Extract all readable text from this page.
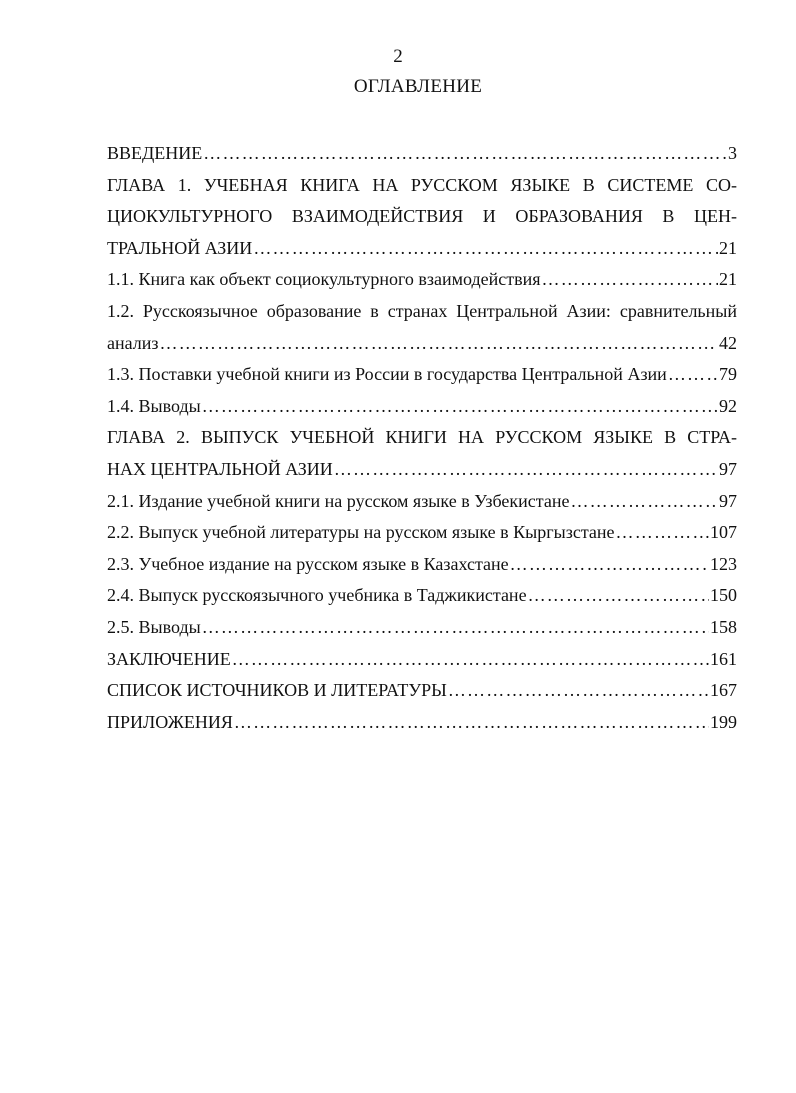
2
ОГЛАВЛЕНИЕ
ВВЕДЕНИЕ …………………………………………………………………………………………………………………………………………………………	3
ГЛАВА 1. УЧЕБНАЯ КНИГА НА РУССКОМ ЯЗЫКЕ В СИСТЕМЕ СО-
ЦИОКУЛЬТУРНОГО ВЗАИМОДЕЙСТВИЯ И ОБРАЗОВАНИЯ В ЦЕН-
ТРАЛЬНОЙ АЗИИ …………………………………………………………………………………………………………………………………………………………	21
1.1. Книга как объект социокультурного взаимодействия …………………………………………………………………………………………………………………………………………………………	21
1.2. Русскоязычное образование в странах Центральной Азии: сравнительный
анализ …………………………………………………………………………………………………………………………………………………………	42
1.3. Поставки учебной книги из России в государства Центральной Азии …………………………………………………………………………………………………………………………………………………………	79
1.4. Выводы …………………………………………………………………………………………………………………………………………………………	92
ГЛАВА 2. ВЫПУСК УЧЕБНОЙ КНИГИ НА РУССКОМ ЯЗЫКЕ В СТРА-
НАХ ЦЕНТРАЛЬНОЙ АЗИИ …………………………………………………………………………………………………………………………………………………………	97
2.1. Издание учебной книги на русском языке в Узбекистане …………………………………………………………………………………………………………………………………………………………	97
2.2. Выпуск учебной литературы на русском языке в Кыргызстане …………………………………………………………………………………………………………………………………………………………	107
2.3. Учебное издание на русском языке в Казахстане …………………………………………………………………………………………………………………………………………………………	123
2.4. Выпуск русскоязычного учебника в Таджикистане …………………………………………………………………………………………………………………………………………………………	150
2.5. Выводы …………………………………………………………………………………………………………………………………………………………	158
ЗАКЛЮЧЕНИЕ …………………………………………………………………………………………………………………………………………………………	161
СПИСОК ИСТОЧНИКОВ И ЛИТЕРАТУРЫ …………………………………………………………………………………………………………………………………………………………	167
ПРИЛОЖЕНИЯ …………………………………………………………………………………………………………………………………………………………	199
